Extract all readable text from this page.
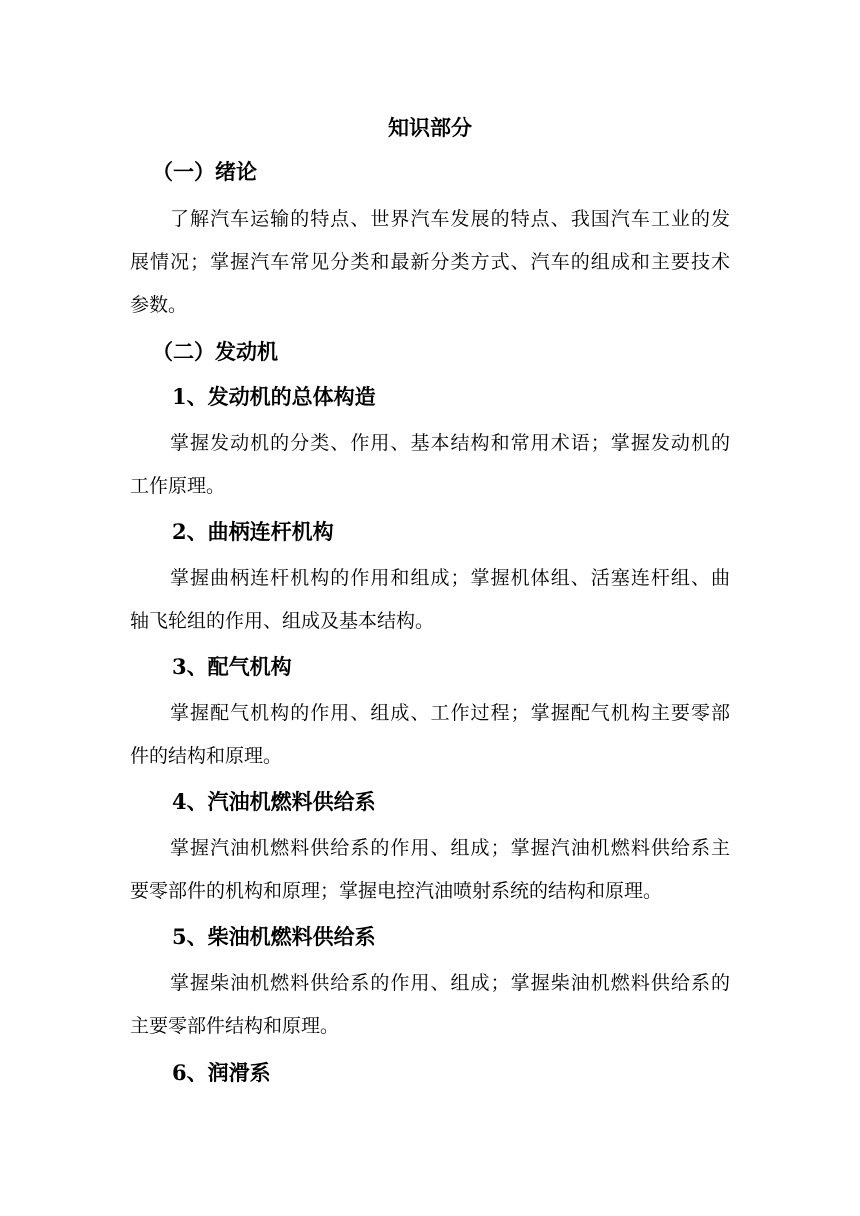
知识部分
（一）绪论
了解汽车运输的特点、世界汽车发展的特点、我国汽车工业的发
展情况；掌握汽车常见分类和最新分类方式、汽车的组成和主要技术
参数。
（二）发动机
1、发动机的总体构造
掌握发动机的分类、作用、基本结构和常用术语；掌握发动机的
工作原理。
2、曲柄连杆机构
掌握曲柄连杆机构的作用和组成；掌握机体组、活塞连杆组、曲
轴飞轮组的作用、组成及基本结构。
3、配气机构
掌握配气机构的作用、组成、工作过程；掌握配气机构主要零部
件的结构和原理。
4、汽油机燃料供给系
掌握汽油机燃料供给系的作用、组成；掌握汽油机燃料供给系主
要零部件的机构和原理；掌握电控汽油喷射系统的结构和原理。
5、柴油机燃料供给系
掌握柴油机燃料供给系的作用、组成；掌握柴油机燃料供给系的
主要零部件结构和原理。
6、润滑系
